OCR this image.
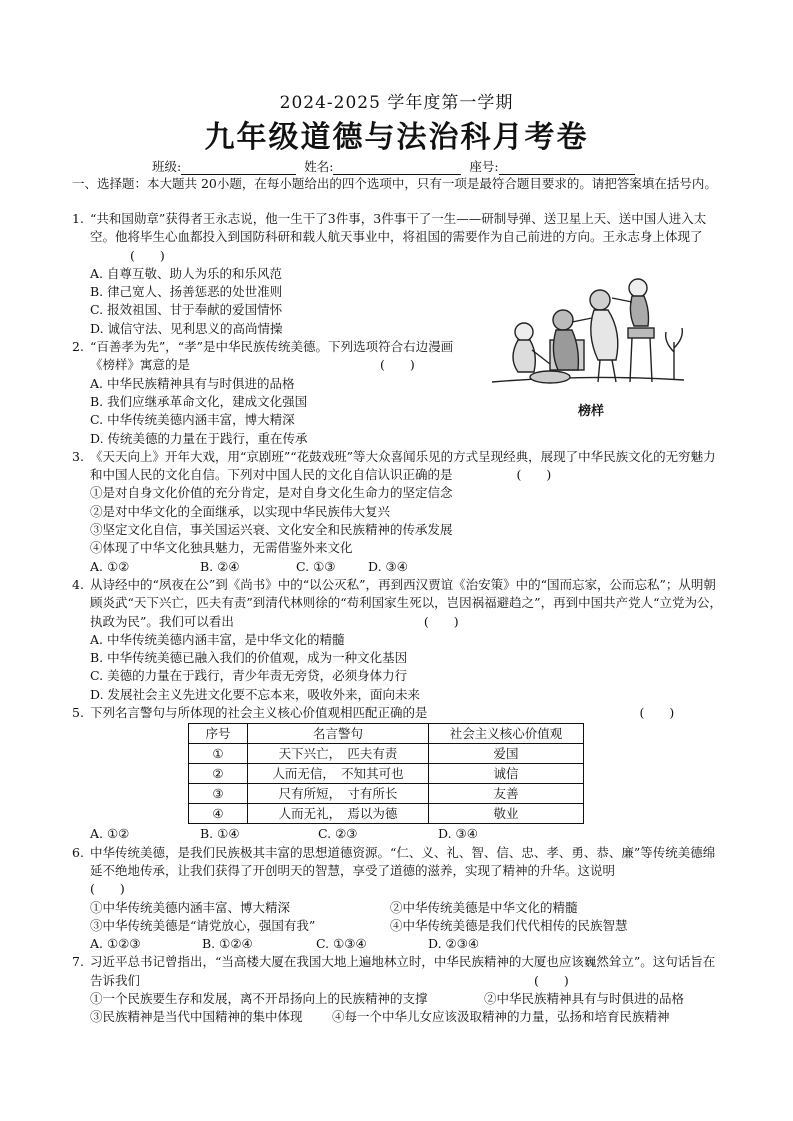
2024-2025 学年度第一学期
九年级道德与法治科月考卷
班级:	姓名:	座号:
一、选择题：本大题共 20小题，在每小题给出的四个选项中，只有一项是最符合题目要求的。请把答案填在括号内。
榜样
1. “共和国勋章”获得者王永志说，他一生干了3件事，3件事干了一生——研制导弹、送卫星上天、送中国人进入太空。他将毕生心血都投入到国防科研和载人航天事业中，将祖国的需要作为自己前进的方向。王永志身上体现了(　　)
A. 自尊互敬、助人为乐的和乐风范
B. 律己宽人、扬善惩恶的处世准则
C. 报效祖国、甘于奉献的爱国情怀
D. 诚信守法、见利思义的高尚情操
2. “百善孝为先”，“孝”是中华民族传统美德。下列选项符合右边漫画
《榜样》寓意的是	(　　)
A. 中华民族精神具有与时俱进的品格
B. 我们应继承革命文化，建成文化强国
C. 中华传统美德内涵丰富，博大精深
D. 传统美德的力量在于践行，重在传承
3. 《天天向上》开年大戏，用“京剧班”“花鼓戏班”等大众喜闻乐见的方式呈现经典，展现了中华民族文化的无穷魅力和中国人民的文化自信。下列对中国人民的文化自信认识正确的是	(　　)
①是对自身文化价值的充分肯定，是对自身文化生命力的坚定信念
②是对中华文化的全面继承，以实现中华民族伟大复兴
③坚定文化自信，事关国运兴衰、文化安全和民族精神的传承发展
④体现了中华文化独具魅力，无需借鉴外来文化
A. ①②	B. ②④	C. ①③	D. ③④
4. 从诗经中的“夙夜在公”到《尚书》中的“以公灭私”，再到西汉贾谊《治安策》中的“国而忘家，公而忘私”；从明朝顾炎武“天下兴亡，匹夫有责”到清代林则徐的“苟利国家生死以，岂因祸福避趋之”，再到中国共产党人“立党为公，执政为民”。我们可以看出	(　　)
A. 中华传统美德内涵丰富，是中华文化的精髓
B. 中华传统美德已融入我们的价值观，成为一种文化基因
C. 美德的力量在于践行，青少年责无旁贷，必须身体力行
D. 发展社会主义先进文化要不忘本来，吸收外来，面向未来
5. 下列名言警句与所体现的社会主义核心价值观相匹配正确的是	(　　)
序号	名言警句	社会主义核心价值观
①	天下兴亡，　匹夫有责	爱国
②	人而无信，　不知其可也	诚信
③	尺有所短，　寸有所长	友善
④	人而无礼，　焉以为德	敬业
A. ①②	B. ①④	C. ②③	D. ③④
6. 中华传统美德，是我们民族极其丰富的思想道德资源。“仁、义、礼、智、信、忠、孝、勇、恭、廉”等传统美德绵延不绝地传承，让我们获得了开创明天的智慧，享受了道德的滋养，实现了精神的升华。这说明
(　　)
①中华传统美德内涵丰富、博大精深	②中华传统美德是中华文化的精髓
③中华传统美德是“请党放心，强国有我”	④中华传统美德是我们代代相传的民族智慧
A. ①②③	B. ①②④	C. ①③④	D. ②③④
7. 习近平总书记曾指出，“当高楼大厦在我国大地上遍地林立时，中华民族精神的大厦也应该巍然耸立”。这句话旨在告诉我们	(　　)
①一个民族要生存和发展，离不开昂扬向上的民族精神的支撑	②中华民族精神具有与时俱进的品格
③民族精神是当代中国精神的集中体现	④每一个中华儿女应该汲取精神的力量，弘扬和培育民族精神
